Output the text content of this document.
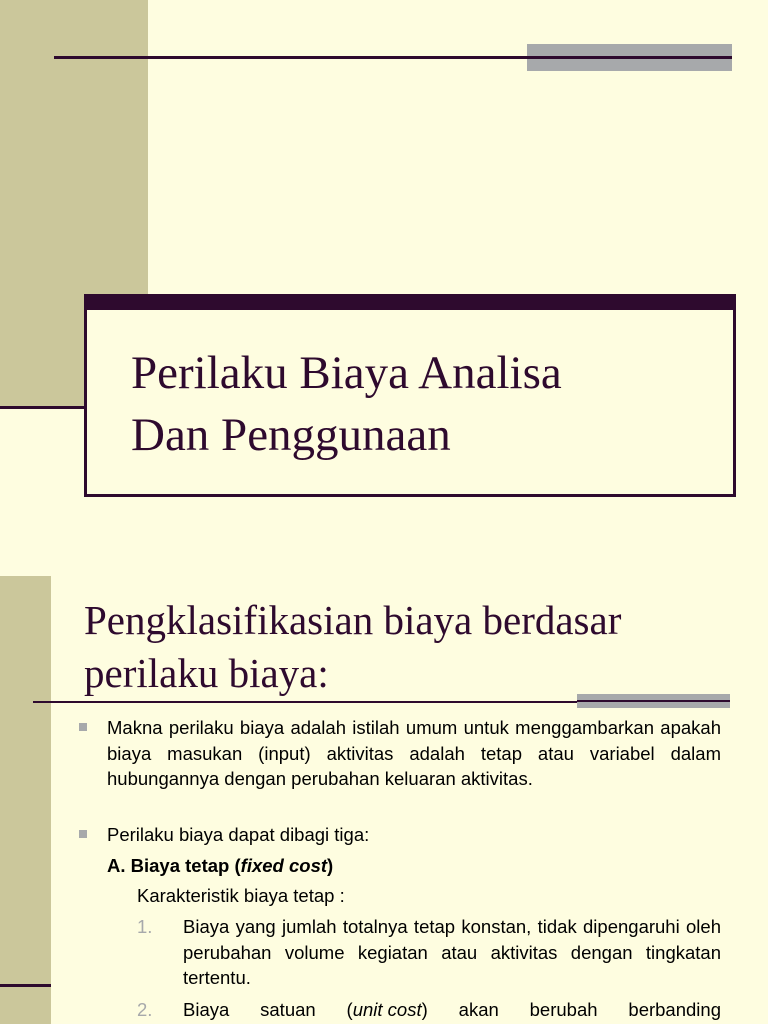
Perilaku Biaya Analisa
Dan Penggunaan
Pengklasifikasian biaya berdasar
perilaku biaya:

Makna perilaku biaya adalah istilah umum untuk menggambarkan apakah biaya masukan (input) aktivitas adalah tetap atau variabel dalam hubungannya dengan perubahan keluaran aktivitas.

Perilaku biaya dapat dibagi tiga:

A. Biaya tetap (fixed cost)

Karakteristik biaya tetap :

1. Biaya yang jumlah totalnya tetap konstan, tidak dipengaruhi oleh perubahan volume kegiatan atau aktivitas dengan tingkatan tertentu.

2. Biaya satuan (unit cost) akan berubah berbanding
